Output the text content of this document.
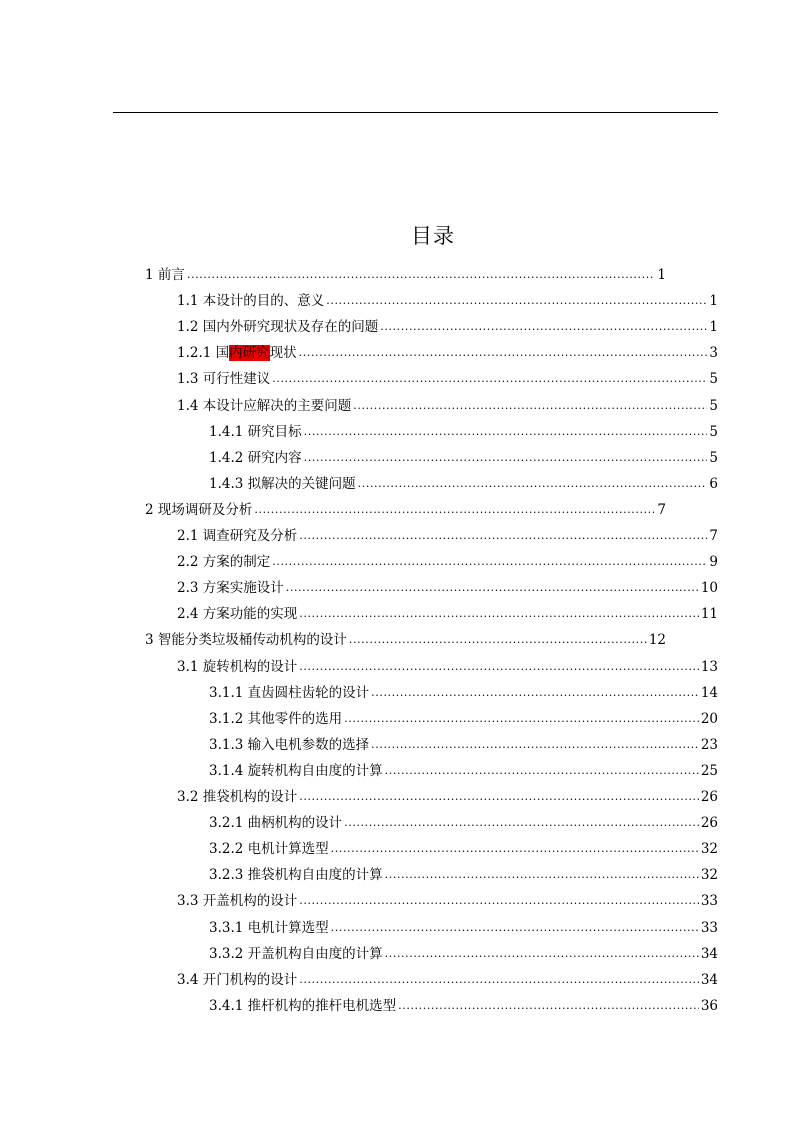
目录
1 前言 .....	1
1.1 本设计的目的、意义 .....	1
1.2 国内外研究现状及存在的问题 .....	1
1.2.1 国内研究现状 .....	3
1.3 可行性建议 .....	5
1.4 本设计应解决的主要问题 .....	5
1.4.1 研究目标 .....	5
1.4.2 研究内容 .....	5
1.4.3 拟解决的关键问题 .....	6
2 现场调研及分析 .....	7
2.1 调查研究及分析 .....	7
2.2 方案的制定 .....	9
2.3 方案实施设计 .....	10
2.4 方案功能的实现 .....	11
3 智能分类垃圾桶传动机构的设计 .....	12
3.1 旋转机构的设计 .....	13
3.1.1 直齿圆柱齿轮的设计 .....	14
3.1.2 其他零件的选用 .....	20
3.1.3 输入电机参数的选择 .....	23
3.1.4 旋转机构自由度的计算 .....	25
3.2 推袋机构的设计 .....	26
3.2.1 曲柄机构的设计 .....	26
3.2.2 电机计算选型 .....	32
3.2.3 推袋机构自由度的计算 .....	32
3.3 开盖机构的设计 .....	33
3.3.1 电机计算选型 .....	33
3.3.2 开盖机构自由度的计算 .....	34
3.4 开门机构的设计 .....	34
3.4.1 推杆机构的推杆电机选型 .....	36
